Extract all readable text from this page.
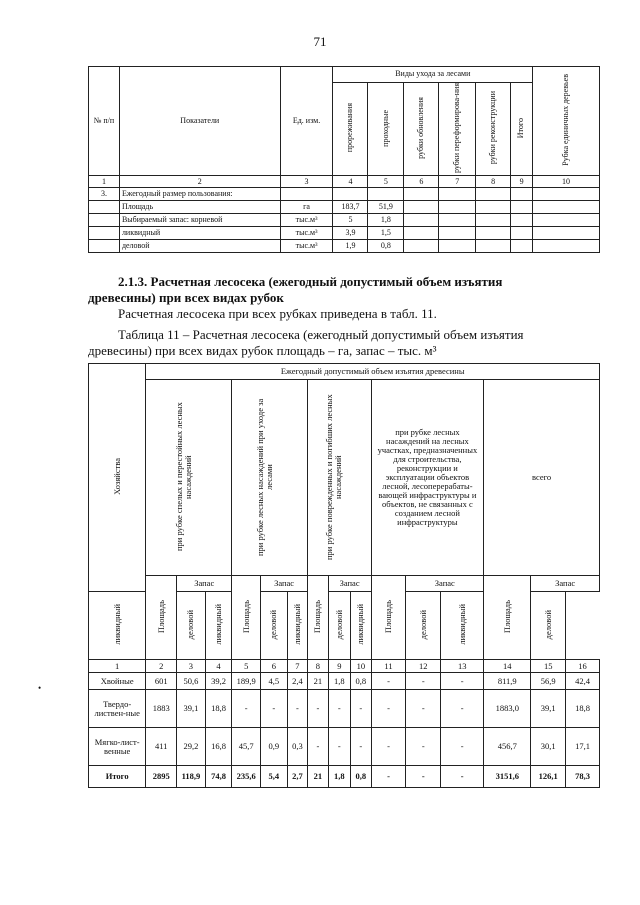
71
№ п/п	Показатели	Ед. изм.	Виды ухода за лесами						Рубка единичных деревьев
			прореживания	проходные	рубки обновления	рубки переформирова-ния	рубки реконструкции	Итого	
1	2	3	4	5	6	7	8	9	10
3.	Ежегодный размер пользования:								
	Площадь	га	183,7	51,9					
	Выбираемый запас: корневой	тыс.м³	5	1,8					
	ликвидный	тыс.м³	3,9	1,5					
	деловой	тыс.м³	1,9	0,8					
2.1.3. Расчетная лесосека (ежегодный допустимый объем изъятия
древесины) при всех видах рубок
Расчетная лесосека при всех рубках приведена в табл. 11.
Таблица 11 – Расчетная лесосека (ежегодный допустимый объем изъятия
древесины) при всех видах рубок площадь – га, запас – тыс. м³
Хозяйства	Ежегодный допустимый объем изъятия древесины														
	при рубке спелых и перестойных лесных насаждений			при рубке лесных насаждений при уходе за лесами			при рубке поврежденных и погибших лесных насаждений			при рубке лесных насаждений на лесных участках, предназначенных для строительства, реконструкции и эксплуатации объектов лесной, лесоперерабаты-вающей инфраструктуры и объектов, не связанных с созданием лесной инфраструктуры			всего		
	Площадь	Запас		Площадь	Запас		Площадь	Запас		Площадь	Запас		Площадь	Запас	
ликвидный		деловой	ликвидный		деловой	ликвидный		деловой	ликвидный		деловой	ликвидный		деловой	
1	2	3	4	5	6	7	8	9	10	11	12	13	14	15	16
Хвойные	601	50,6	39,2	189,9	4,5	2,4	21	1,8	0,8	-	-	-	811,9	56,9	42,4
Твердо-листвен-ные	1883	39,1	18,8	-	-	-	-	-	-	-	-	-	1883,0	39,1	18,8
Мягко-лист-венные	411	29,2	16,8	45,7	0,9	0,3	-	-	-	-	-	-	456,7	30,1	17,1
Итого	2895	118,9	74,8	235,6	5,4	2,7	21	1,8	0,8	-	-	-	3151,6	126,1	78,3
•
